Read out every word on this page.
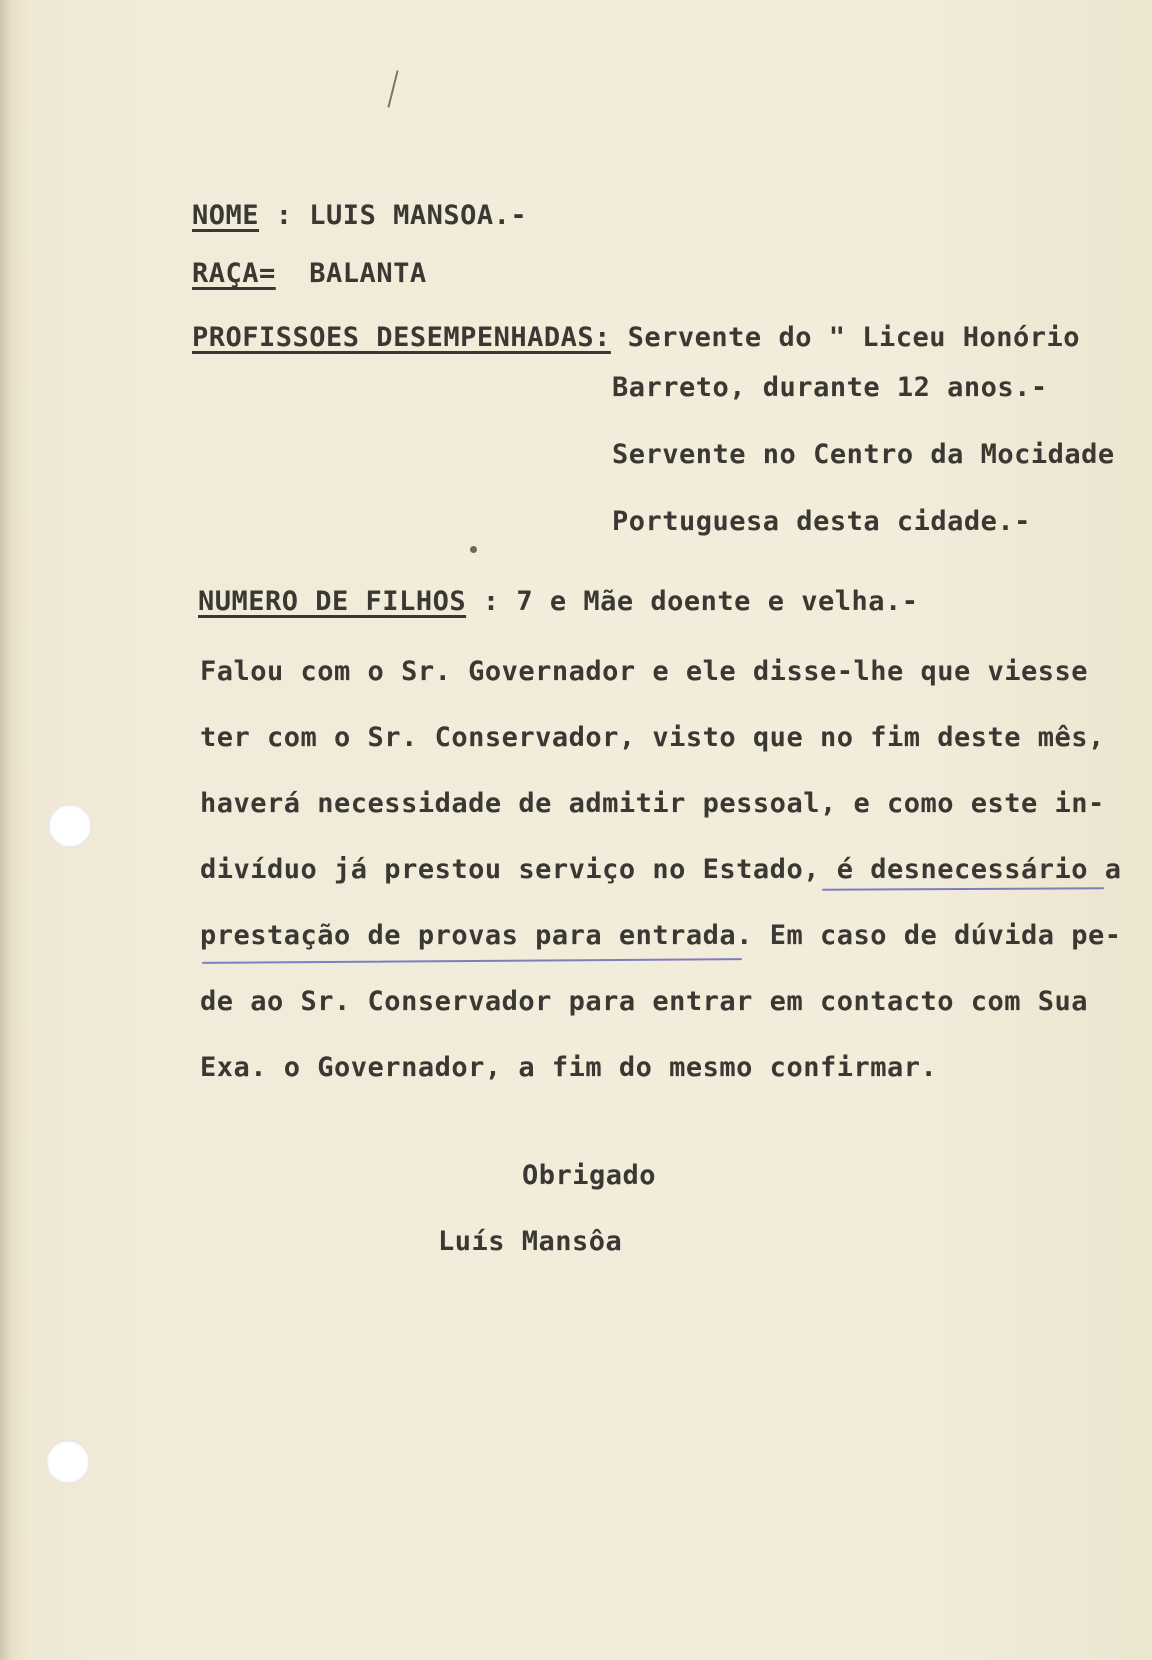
NOME : LUIS MANSOA.-
RAÇA=  BALANTA
PROFISSOES DESEMPENHADAS: Servente do " Liceu Honório
Barreto, durante 12 anos.-
Servente no Centro da Mocidade
Portuguesa desta cidade.-
NUMERO DE FILHOS : 7 e Mãe doente e velha.-
Falou com o Sr. Governador e ele disse-lhe que viesse
ter com o Sr. Conservador, visto que no fim deste mês,
haverá necessidade de admitir pessoal, e como este in-
divíduo já prestou serviço no Estado, é desnecessário a
prestação de provas para entrada. Em caso de dúvida pe-
de ao Sr. Conservador para entrar em contacto com Sua
Exa. o Governador, a fim do mesmo confirmar.
Obrigado
Luís Mansôa
